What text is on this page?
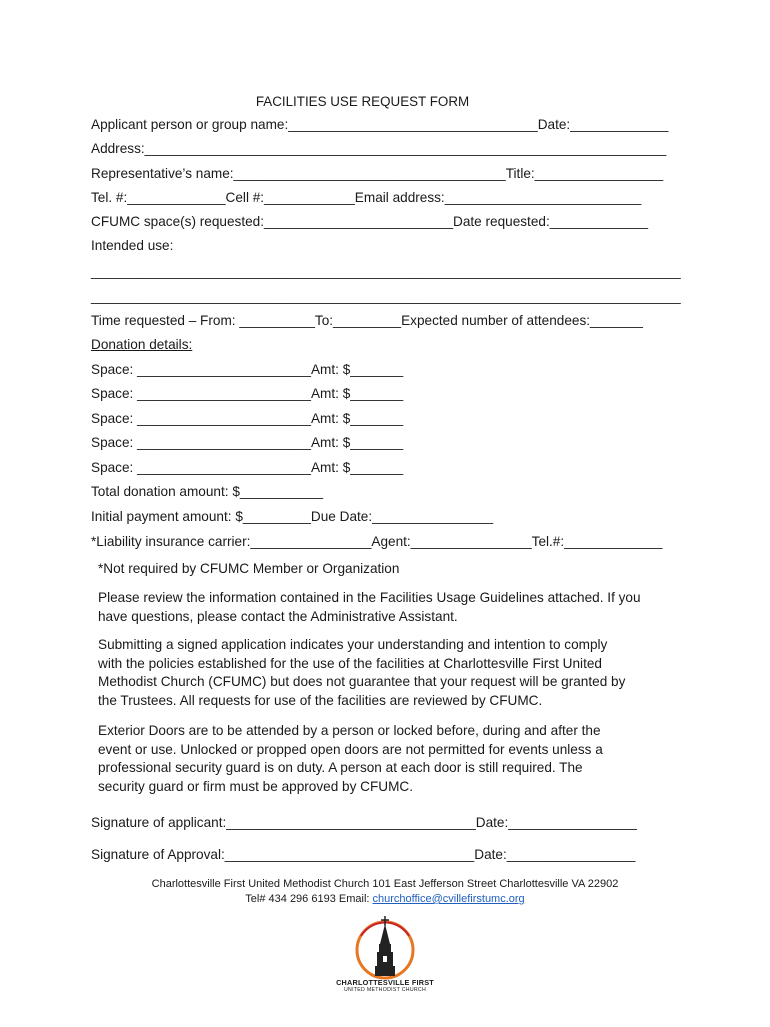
FACILITIES USE REQUEST FORM
Applicant person or group name:_________________________________Date:_____________
Address:_____________________________________________________________________
Representative’s name:____________________________________Title:_________________
Tel. #:_____________Cell #:____________Email address:__________________________
CFUMC space(s) requested:_________________________Date requested:_____________
Intended use:
______________________________________________________________________________
______________________________________________________________________________
Time requested – From: __________To:_________Expected number of attendees:_______
Donation details:
Space: _______________________Amt: $_______
Space: _______________________Amt: $_______
Space: _______________________Amt: $_______
Space: _______________________Amt: $_______
Space: _______________________Amt: $_______
Total donation amount: $___________
Initial payment amount: $_________Due Date:________________
*Liability insurance carrier:________________Agent:________________Tel.#:_____________
*Not required by CFUMC Member or Organization
Please review the information contained in the Facilities Usage Guidelines attached. If you
have questions, please contact the Administrative Assistant.
Submitting a signed application indicates your understanding and intention to comply
with the policies established for the use of the facilities at Charlottesville First United
Methodist Church (CFUMC) but does not guarantee that your request will be granted by
the Trustees. All requests for use of the facilities are reviewed by CFUMC.
Exterior Doors are to be attended by a person or locked before, during and after the
event or use. Unlocked or propped open doors are not permitted for events unless a
professional security guard is on duty. A person at each door is still required. The
security guard or firm must be approved by CFUMC.
Signature of applicant:_________________________________Date:_________________
Signature of Approval:_________________________________Date:_________________
Charlottesville First United Methodist Church 101 East Jefferson Street Charlottesville VA 22902
Tel# 434 296 6193 Email: churchoffice@cvillefirstumc.org
CHARLOTTESVILLE FIRST
UNITED METHODIST CHURCH
